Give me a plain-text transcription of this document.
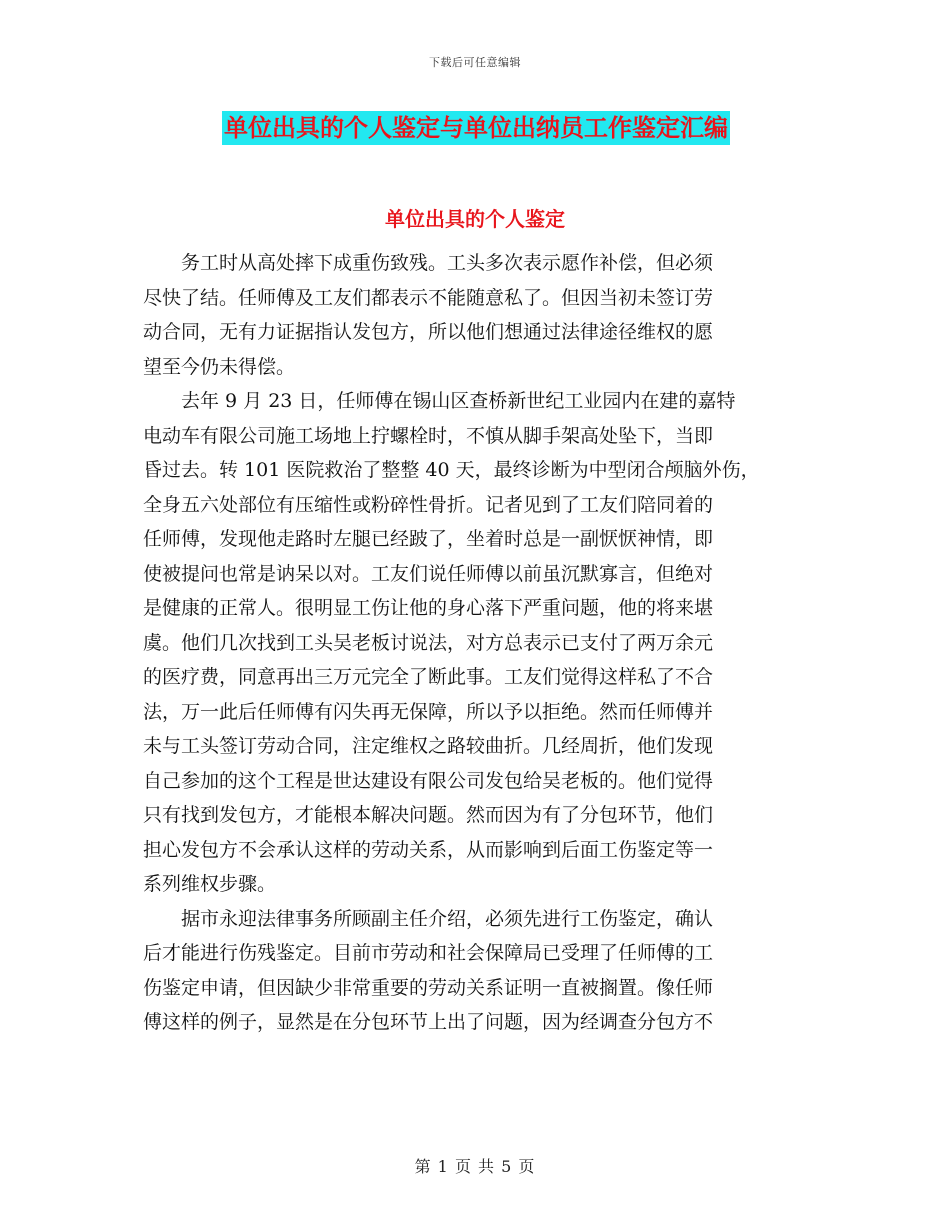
下载后可任意编辑
单位出具的个人鉴定与单位出纳员工作鉴定汇编
单位出具的个人鉴定

务工时从高处摔下成重伤致残。工头多次表示愿作补偿，但必须
尽快了结。任师傅及工友们都表示不能随意私了。但因当初未签订劳
动合同，无有力证据指认发包方，所以他们想通过法律途径维权的愿
望至今仍未得偿。

去年 9 月 23 日，任师傅在锡山区查桥新世纪工业园内在建的嘉特
电动车有限公司施工场地上拧螺栓时，不慎从脚手架高处坠下，当即
昏过去。转 101 医院救治了整整 40 天，最终诊断为中型闭合颅脑外伤，
全身五六处部位有压缩性或粉碎性骨折。记者见到了工友们陪同着的
任师傅，发现他走路时左腿已经跛了，坐着时总是一副恹恹神情，即
使被提问也常是讷呆以对。工友们说任师傅以前虽沉默寡言，但绝对
是健康的正常人。很明显工伤让他的身心落下严重问题，他的将来堪
虞。他们几次找到工头吴老板讨说法，对方总表示已支付了两万余元
的医疗费，同意再出三万元完全了断此事。工友们觉得这样私了不合
法，万一此后任师傅有闪失再无保障，所以予以拒绝。然而任师傅并
未与工头签订劳动合同，注定维权之路较曲折。几经周折，他们发现
自己参加的这个工程是世达建设有限公司发包给吴老板的。他们觉得
只有找到发包方，才能根本解决问题。然而因为有了分包环节，他们
担心发包方不会承认这样的劳动关系，从而影响到后面工伤鉴定等一
系列维权步骤。

据市永迎法律事务所顾副主任介绍，必须先进行工伤鉴定，确认
后才能进行伤残鉴定。目前市劳动和社会保障局已受理了任师傅的工
伤鉴定申请，但因缺少非常重要的劳动关系证明一直被搁置。像任师
傅这样的例子，显然是在分包环节上出了问题，因为经调查分包方不

第 1 页 共 5 页
